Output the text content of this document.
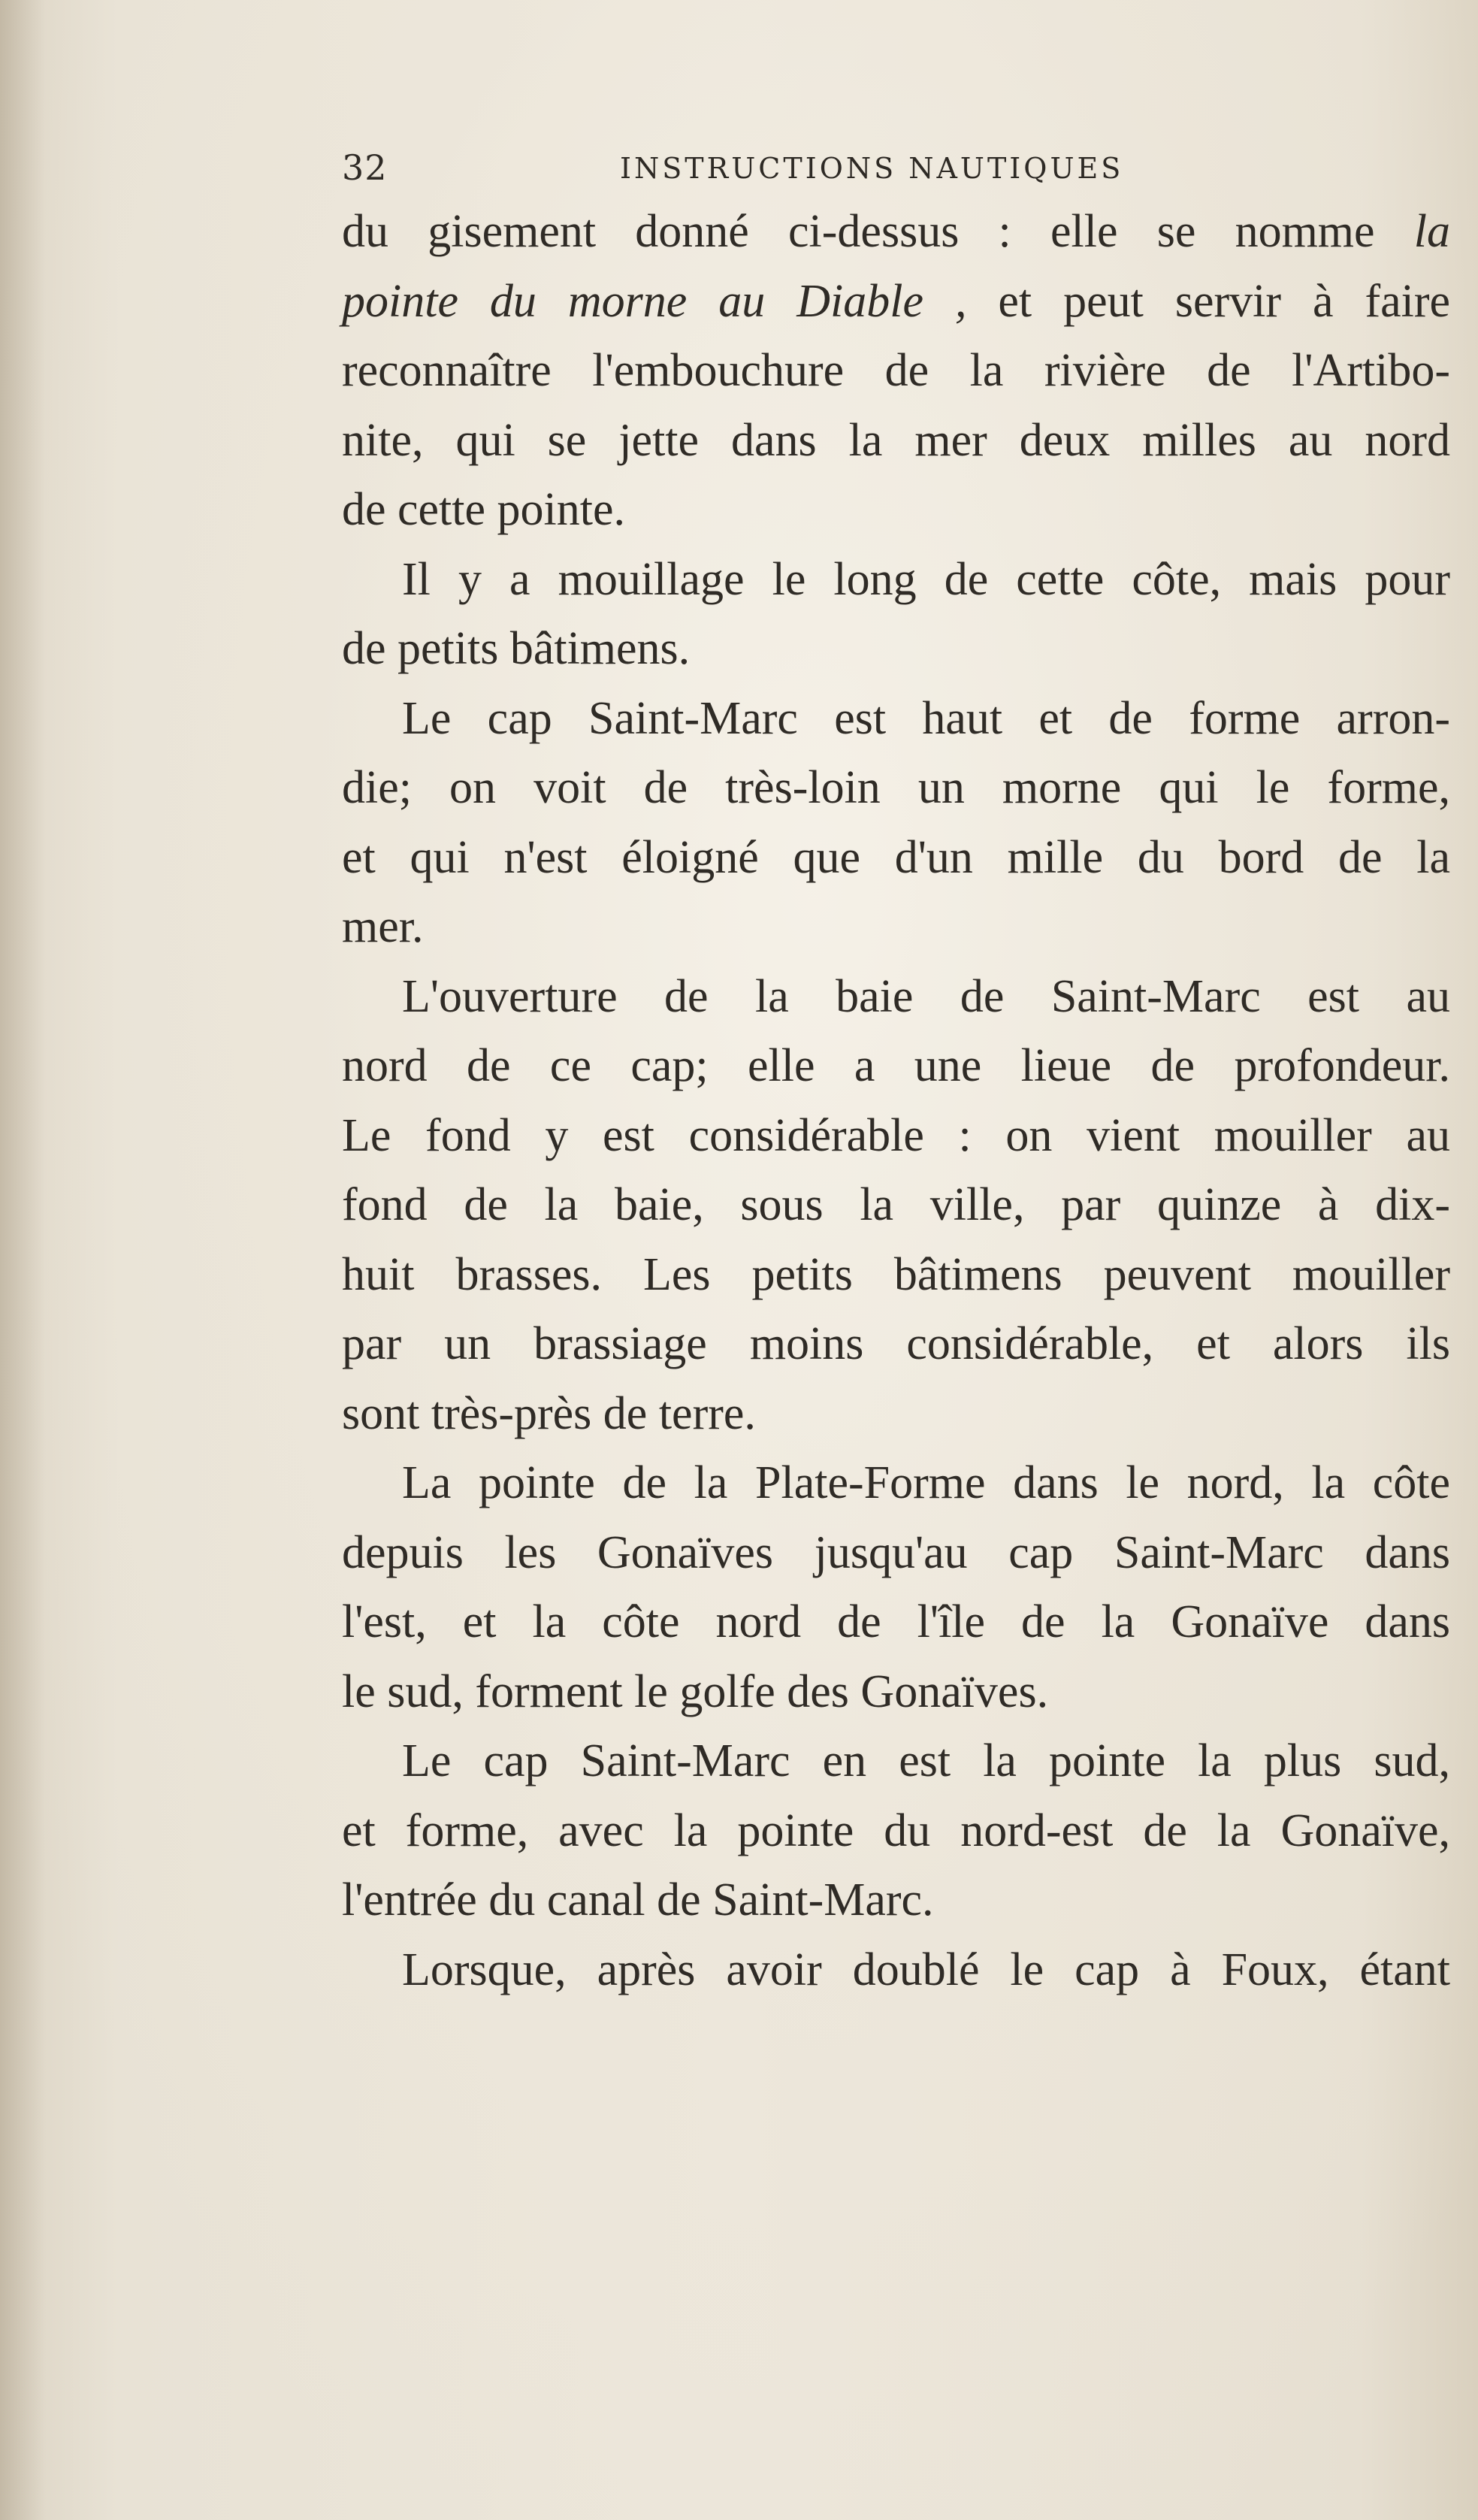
32	INSTRUCTIONS NAUTIQUES
du gisement donné ci-dessus : elle se nomme la
pointe du morne au Diable , et peut servir à faire
reconnaître l'embouchure de la rivière de l'Artibo-
nite, qui se jette dans la mer deux milles au nord
de cette pointe.
Il y a mouillage le long de cette côte, mais pour
de petits bâtimens.
Le cap Saint-Marc est haut et de forme arron-
die; on voit de très-loin un morne qui le forme,
et qui n'est éloigné que d'un mille du bord de la
mer.
L'ouverture de la baie de Saint-Marc est au
nord de ce cap; elle a une lieue de profondeur.
Le fond y est considérable : on vient mouiller au
fond de la baie, sous la ville, par quinze à dix-
huit brasses. Les petits bâtimens peuvent mouiller
par un brassiage moins considérable, et alors ils
sont très-près de terre.
La pointe de la Plate-Forme dans le nord, la côte
depuis les Gonaïves jusqu'au cap Saint-Marc dans
l'est, et la côte nord de l'île de la Gonaïve dans
le sud, forment le golfe des Gonaïves.
Le cap Saint-Marc en est la pointe la plus sud,
et forme, avec la pointe du nord-est de la Gonaïve,
l'entrée du canal de Saint-Marc.
Lorsque, après avoir doublé le cap à Foux, étant
